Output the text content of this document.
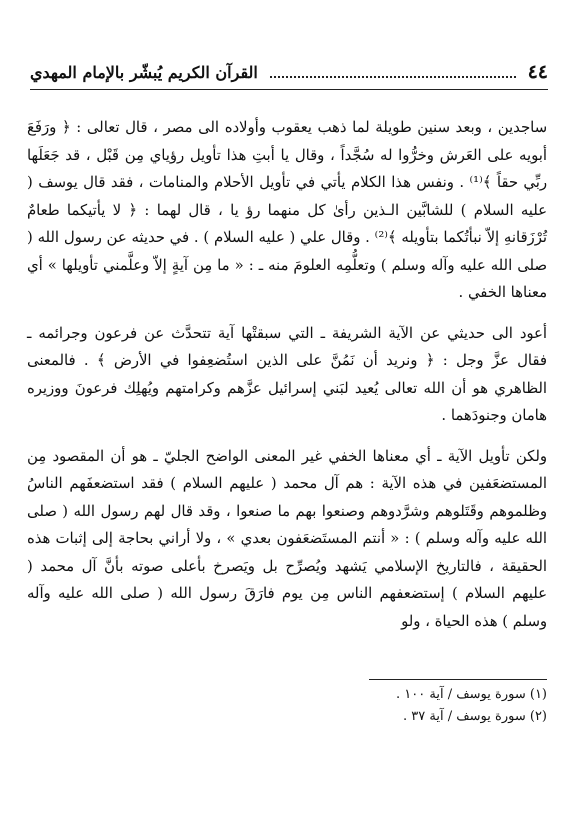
٤٤
القرآن الكريم يُبشّر بالإمام المهدي

ساجدين ، وبعد سنين طويلة لما ذهب يعقوب وأولاده الى مصر ، قال تعالى : ﴿ ورَفَعَ أبويه على العَرش وخرُّوا له سُجَّداً ، وقال يا أبتِ هذا تأويل رؤياي مِن قَبْل ، قد جَعَلَها ربِّي حقاً ﴾⁽¹⁾ . ونفس هذا الكلام يأتي في تأويل الأحلام والمنامات ، فقد قال يوسف ( عليه السلام ) للشابَّين الـذين رأىٰ كل منهما رؤ يا ، قال لهما : ﴿ لا يأتيكما طعامٌ تُرْزَقانهِ إلاّ نبأتُكما بتأويله ﴾⁽²⁾ . وقال علي ( عليه السلام ) . في حديثه عن رسول الله ( صلى الله عليه وآله وسلم ) وتعلُّمِه العلومَ منه ـ : « ما مِن آيةٍ إلاّ وعلَّمني تأويلها » أي معناها الخفي .

أعود الى حديثي عن الآية الشريفة ـ التي سبقتْها آية تتحدَّث عن فرعون وجرائمه ـ فقال عزَّ وجل : ﴿ ونريد أن نَمُنَّ على الذين استُضعِفوا في الأرض ﴾ . فالمعنى الظاهري هو أن الله تعالى يُعيد لبَني إسرائيل عزَّهم وكرامتهم ويُهلِك فرعونَ ووزيره هامان وجنودَهما .

ولكن تأويل الآية ـ أي معناها الخفي غير المعنى الواضح الجليّ ـ هو أن المقصود مِن المستضعَفين في هذه الآية : هم آل محمد ( عليهم السلام ) فقد استضعفَهم الناسُ وظلموهم وقَتَلوهم وشرَّدوهم وصنعوا بهم ما صنعوا ، وقد قال لهم رسول الله ( صلى الله عليه وآله وسلم ) : « أنتم المستَضعَفون بعدي » ، ولا أراني بحاجة إلى إثبات هذه الحقيقة ، فالتاريخ الإسلامي يَشهد ويُصرِّح بل ويَصرخ بأعلى صوته بأنَّ آل محمد ( عليهم السلام ) إستضعفهم الناس مِن يوم فارَقَ رسول الله ( صلى الله عليه وآله وسلم ) هذه الحياة ، ولو

(١) سورة يوسف / آية ١٠٠ .

(٢) سورة يوسف / آية ٣٧ .
